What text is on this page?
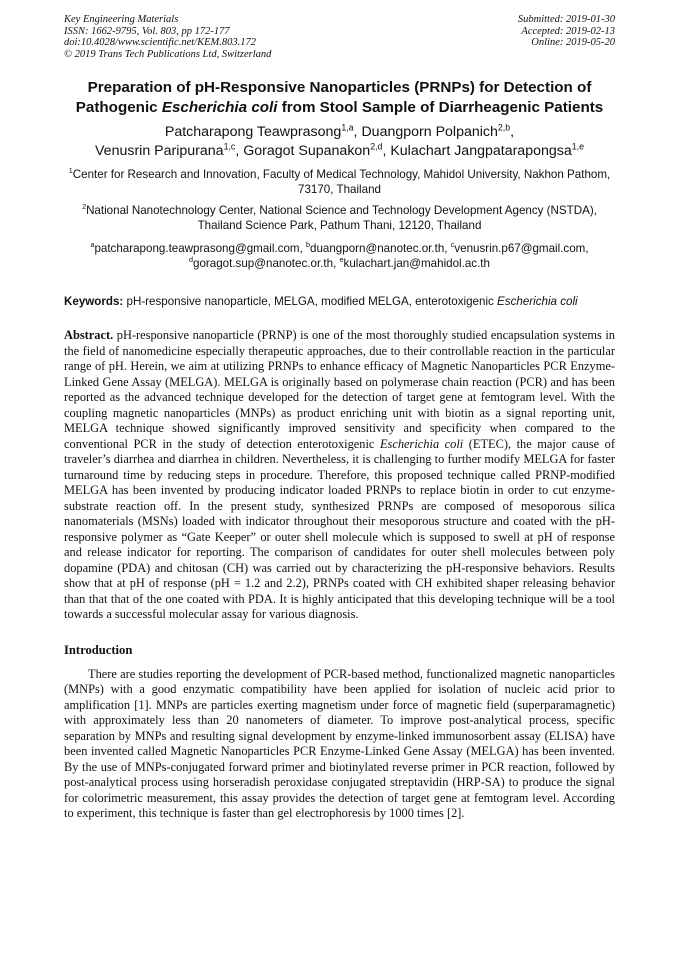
Key Engineering Materials
ISSN: 1662-9795, Vol. 803, pp 172-177
doi:10.4028/www.scientific.net/KEM.803.172
© 2019 Trans Tech Publications Ltd, Switzerland
Submitted: 2019-01-30
Accepted: 2019-02-13
Online: 2019-05-20
Preparation of pH-Responsive Nanoparticles (PRNPs) for Detection of
Pathogenic Escherichia coli from Stool Sample of Diarrheagenic Patients
Patcharapong Teawprasong$^{1,a}$, Duangporn Polpanich$^{2,b}$,
Venusrin Paripurana$^{1,c}$, Goragot Supanakon$^{2,d}$, Kulachart Jangpatarapongsa$^{1,e}$
$^1$Center for Research and Innovation, Faculty of Medical Technology, Mahidol University, Nakhon Pathom, 73170, Thailand
$^2$National Nanotechnology Center, National Science and Technology Development Agency (NSTDA), Thailand Science Park, Pathum Thani, 12120, Thailand
$^a$patcharapong.teawprasong@gmail.com, $^b$duangporn@nanotec.or.th, $^c$venusrin.p67@gmail.com,
$^d$goragot.sup@nanotec.or.th, $^e$kulachart.jan@mahidol.ac.th
Keywords: pH-responsive nanoparticle, MELGA, modified MELGA, enterotoxigenic Escherichia coli

Abstract. pH-responsive nanoparticle (PRNP) is one of the most thoroughly studied encapsulation systems in the field of nanomedicine especially therapeutic approaches, due to their controllable reaction in the particular range of pH. Herein, we aim at utilizing PRNPs to enhance efficacy of Magnetic Nanoparticles PCR Enzyme-Linked Gene Assay (MELGA). MELGA is originally based on polymerase chain reaction (PCR) and has been reported as the advanced technique developed for the detection of target gene at femtogram level. With the coupling magnetic nanoparticles (MNPs) as product enriching unit with biotin as a signal reporting unit, MELGA technique showed significantly improved sensitivity and specificity when compared to the conventional PCR in the study of detection enterotoxigenic Escherichia coli (ETEC), the major cause of traveler’s diarrhea and diarrhea in children. Nevertheless, it is challenging to further modify MELGA for faster turnaround time by reducing steps in procedure. Therefore, this proposed technique called PRNP-modified MELGA has been invented by producing indicator loaded PRNPs to replace biotin in order to cut enzyme-substrate reaction off. In the present study, synthesized PRNPs are composed of mesoporous silica nanomaterials (MSNs) loaded with indicator throughout their mesoporous structure and coated with the pH-responsive polymer as “Gate Keeper” or outer shell molecule which is supposed to swell at pH of response and release indicator for reporting. The comparison of candidates for outer shell molecules between poly dopamine (PDA) and chitosan (CH) was carried out by characterizing the pH-responsive behaviors. Results show that at pH of response (pH = 1.2 and 2.2), PRNPs coated with CH exhibited shaper releasing behavior than that that of the one coated with PDA. It is highly anticipated that this developing technique will be a tool towards a successful molecular assay for various diagnosis.

Introduction

There are studies reporting the development of PCR-based method, functionalized magnetic nanoparticles (MNPs) with a good enzymatic compatibility have been applied for isolation of nucleic acid prior to amplification [1]. MNPs are particles exerting magnetism under force of magnetic field (superparamagnetic) with approximately less than 20 nanometers of diameter. To improve post-analytical process, specific separation by MNPs and resulting signal development by enzyme-linked immunosorbent assay (ELISA) have been invented called Magnetic Nanoparticles PCR Enzyme-Linked Gene Assay (MELGA) has been invented. By the use of MNPs-conjugated forward primer and biotinylated reverse primer in PCR reaction, followed by post-analytical process using horseradish peroxidase conjugated streptavidin (HRP-SA) to produce the signal for colorimetric measurement, this assay provides the detection of target gene at femtogram level. According to experiment, this technique is faster than gel electrophoresis by 1000 times [2].
